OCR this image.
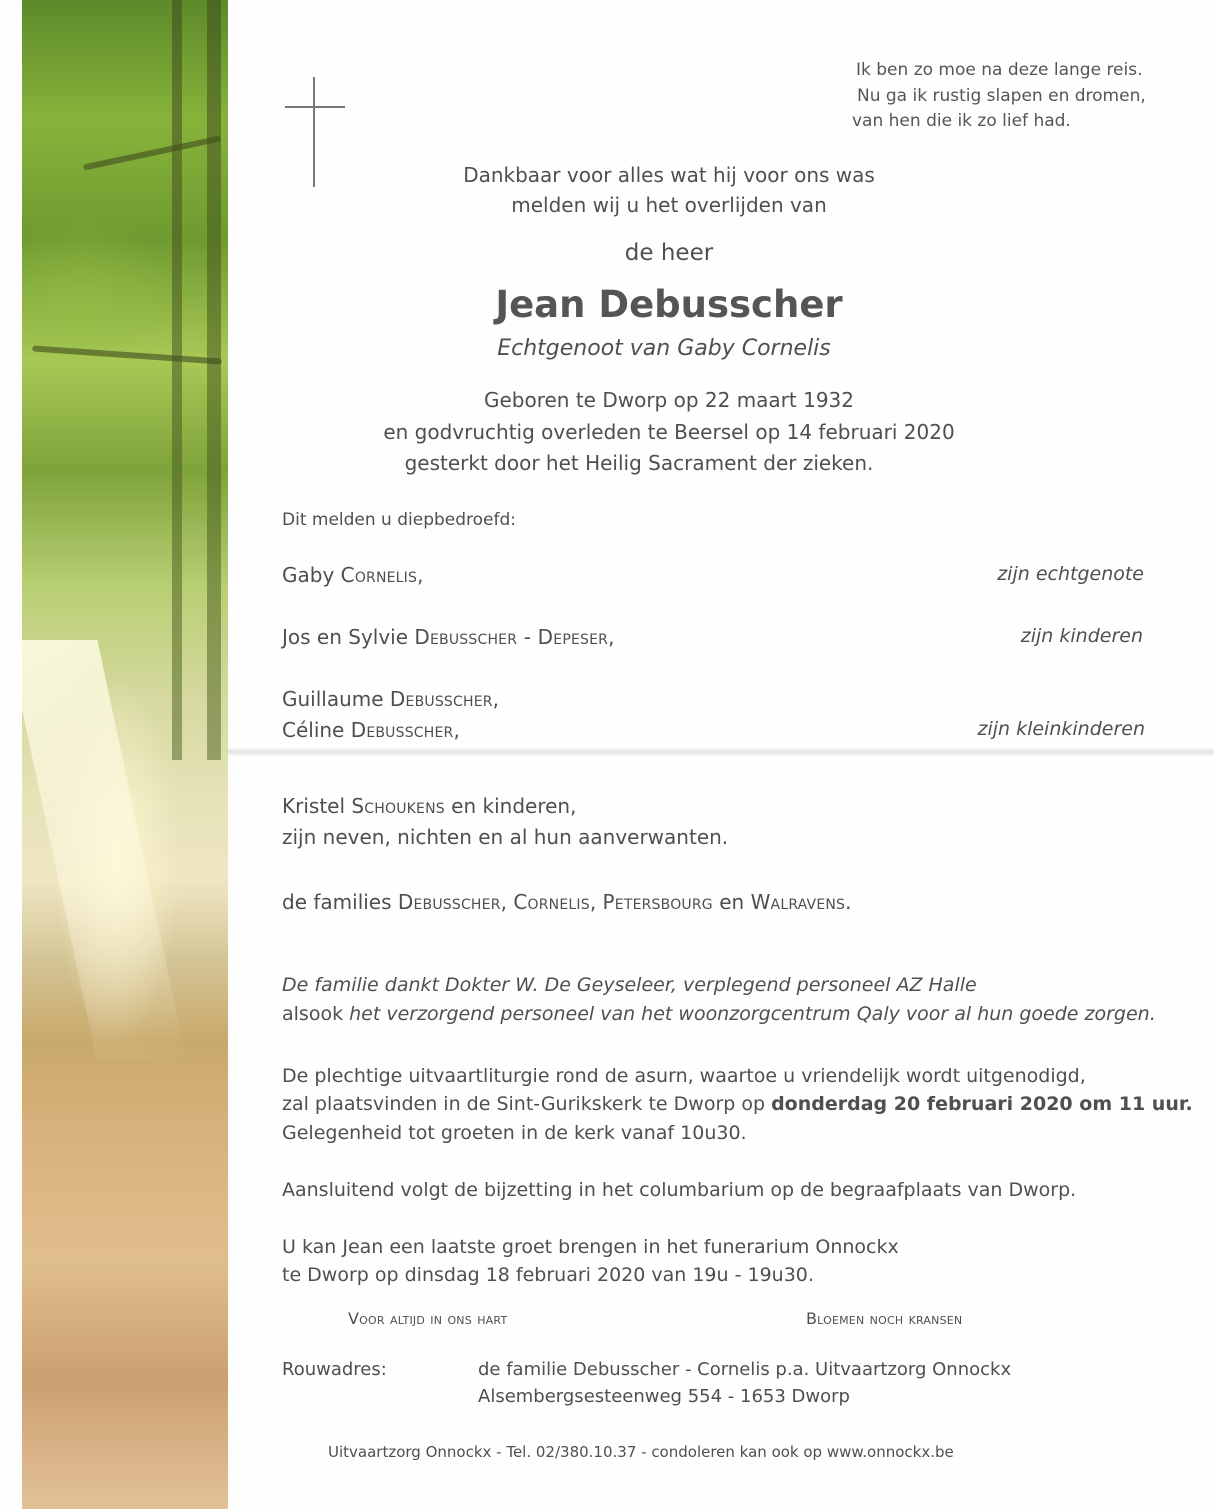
Ik ben zo moe na deze lange reis.
Nu ga ik rustig slapen en dromen,
van hen die ik zo lief had.
Dankbaar voor alles wat hij voor ons was
melden wij u het overlijden van
de heer
Jean Debusscher
Echtgenoot van Gaby Cornelis
Geboren te Dworp op 22 maart 1932
en godvruchtig overleden te Beersel op 14 februari 2020
gesterkt door het Heilig Sacrament der zieken.
Dit melden u diepbedroefd:
Gaby Cornelis,	zijn echtgenote
Jos en Sylvie Debusscher - Depeser,	zijn kinderen
Guillaume Debusscher,
Céline Debusscher,	zijn kleinkinderen
Kristel Schoukens en kinderen,
zijn neven, nichten en al hun aanverwanten.
de families Debusscher, Cornelis, Petersbourg en Walravens.
De familie dankt Dokter W. De Geyseleer, verplegend personeel AZ Halle
alsook het verzorgend personeel van het woonzorgcentrum Qaly voor al hun goede zorgen.
De plechtige uitvaartliturgie rond de asurn, waartoe u vriendelijk wordt uitgenodigd,
zal plaatsvinden in de Sint-Gurikskerk te Dworp op donderdag 20 februari 2020 om 11 uur.
Gelegenheid tot groeten in de kerk vanaf 10u30.
Aansluitend volgt de bijzetting in het columbarium op de begraafplaats van Dworp.
U kan Jean een laatste groet brengen in het funerarium Onnockx
te Dworp op dinsdag 18 februari 2020 van 19u - 19u30.
Voor altijd in ons hart	Bloemen noch kransen
Rouwadres:	de familie Debusscher - Cornelis p.a. Uitvaartzorg Onnockx
Alsembergsesteenweg 554 - 1653 Dworp
Uitvaartzorg Onnockx - Tel. 02/380.10.37 - condoleren kan ook op www.onnockx.be
